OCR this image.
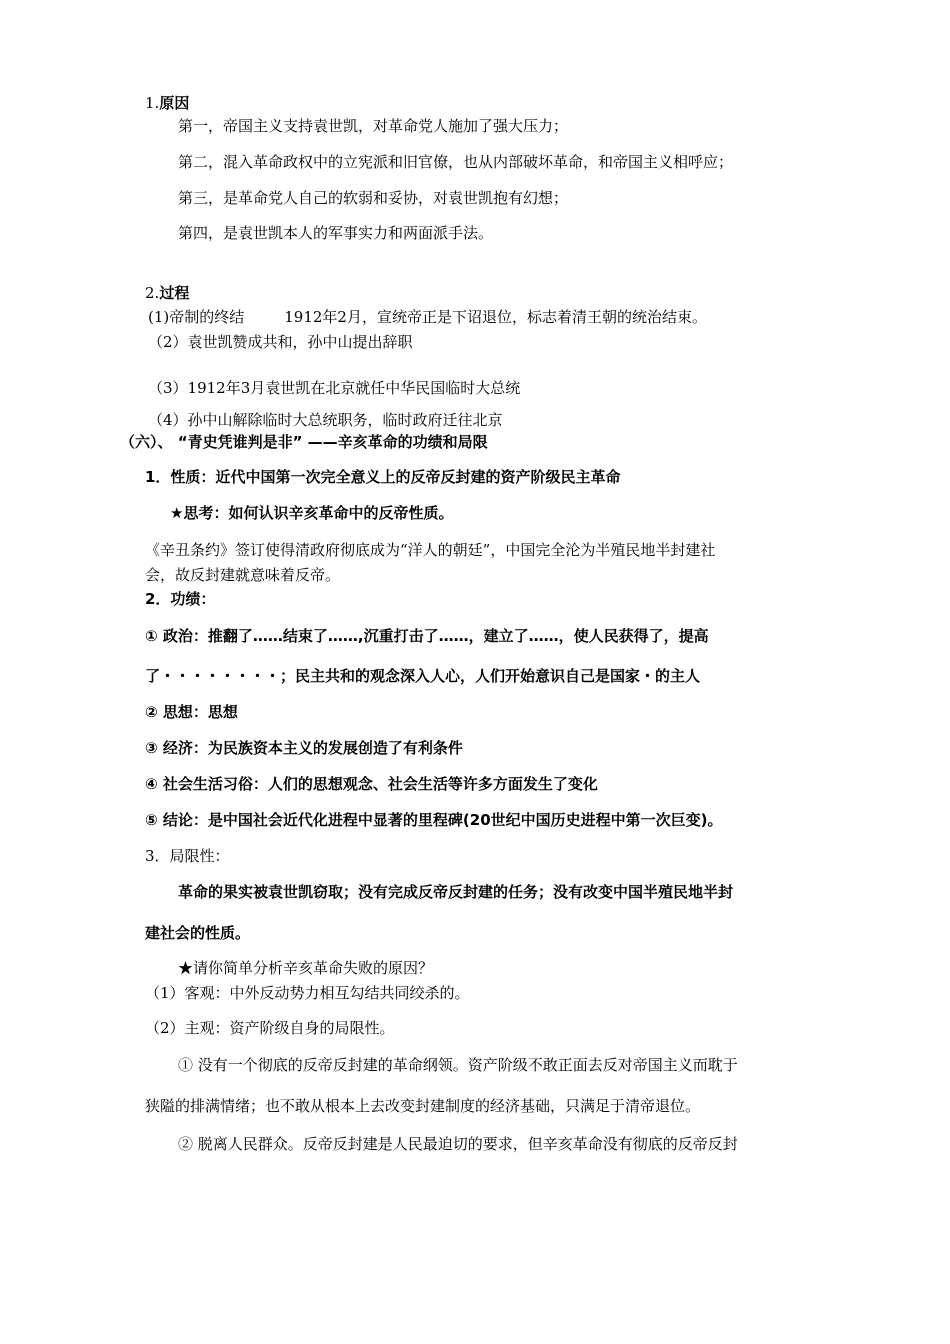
1.原因
第一，帝国主义支持袁世凯，对革命党人施加了强大压力；
第二，混入革命政权中的立宪派和旧官僚，也从内部破坏革命，和帝国主义相呼应；
第三，是革命党人自己的软弱和妥协，对袁世凯抱有幻想；
第四，是袁世凯本人的军事实力和两面派手法。
2.过程
(1)帝制的终结	1912年2月，宣统帝正是下诏退位，标志着清王朝的统治结束。
（2）袁世凯赞成共和，孙中山提出辞职
（3）1912年3月袁世凯在北京就任中华民国临时大总统
（4）孙中山解除临时大总统职务，临时政府迁往北京
（六）、 “青史凭谁判是非” ——辛亥革命的功绩和局限
1．性质：近代中国第一次完全意义上的反帝反封建的资产阶级民主革命
★思考：如何认识辛亥革命中的反帝性质。
《辛丑条约》签订使得清政府彻底成为“洋人的朝廷”，中国完全沦为半殖民地半封建社
会，故反封建就意味着反帝。
2．功绩：
① 政治：推翻了……结束了……,沉重打击了……，建立了……，使人民获得了，提高
了・・・・・・・・；民主共和的观念深入人心，人们开始意识自己是国家・的主人
② 思想：思想
③ 经济：为民族资本主义的发展创造了有利条件
④ 社会生活习俗：人们的思想观念、社会生活等许多方面发生了变化
⑤ 结论：是中国社会近代化进程中显著的里程碑(20世纪中国历史进程中第一次巨变)。
3．局限性：
革命的果实被袁世凯窃取；没有完成反帝反封建的任务；没有改变中国半殖民地半封
建社会的性质。
★请你简单分析辛亥革命失败的原因？
（1）客观：中外反动势力相互勾结共同绞杀的。
（2）主观：资产阶级自身的局限性。
① 没有一个彻底的反帝反封建的革命纲领。资产阶级不敢正面去反对帝国主义而耽于
狭隘的排满情绪；也不敢从根本上去改变封建制度的经济基础，只满足于清帝退位。
② 脱离人民群众。反帝反封建是人民最迫切的要求，但辛亥革命没有彻底的反帝反封
